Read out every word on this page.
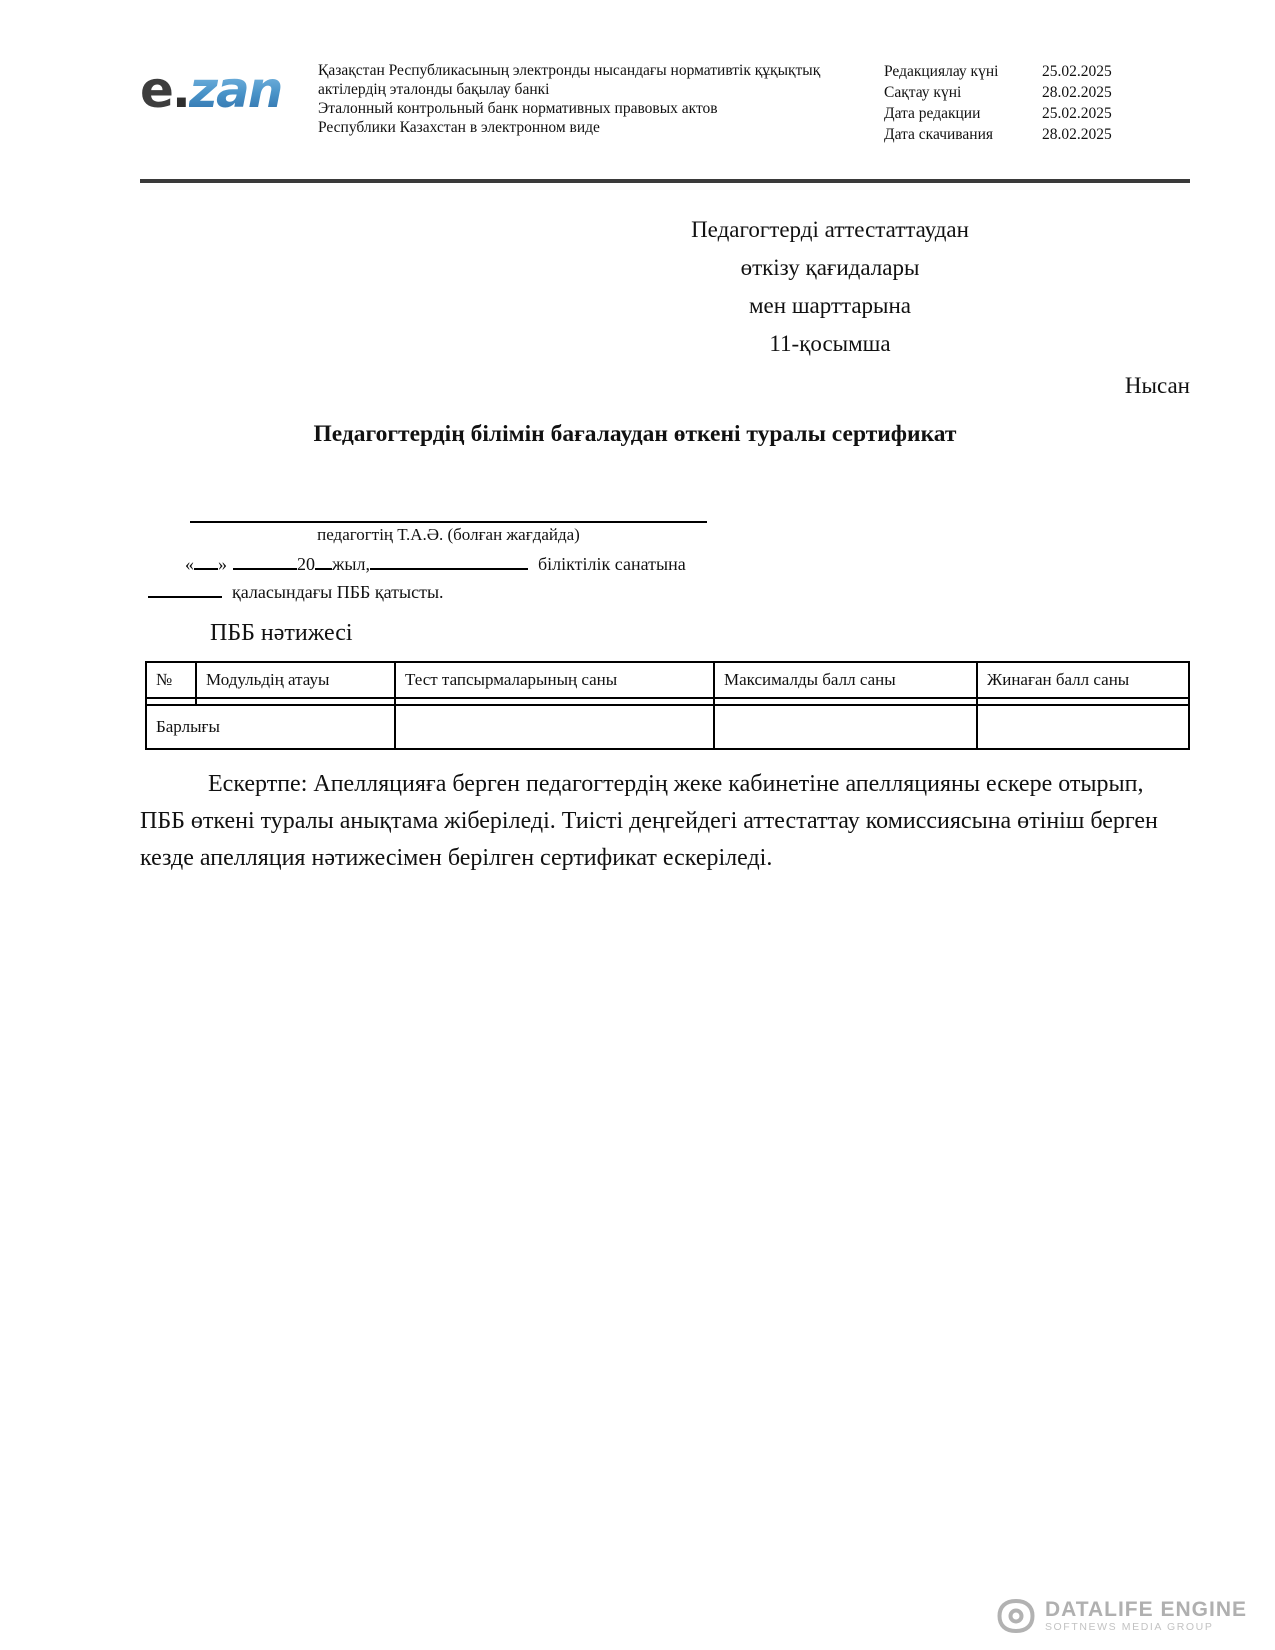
e.zan	Қазақстан Республикасының электронды нысандағы нормативтік құқықтық
актілердің эталонды бақылау банкі
Эталонный контрольный банк нормативных правовых актов
Республики Казахстан в электронном виде
Редакциялау күні	25.02.2025
Сақтау күні	28.02.2025
Дата редакции	25.02.2025
Дата скачивания	28.02.2025
Педагогтерді аттестаттаудан
өткізу қағидалары
мен шарттарына
11-қосымша
Нысан
Педагогтердің білімін бағалаудан өткені туралы сертификат
педагогтің Т.А.Ә. (болған жағдайда)
« »	20 жыл,	біліктілік санатына
қаласындағы ПББ қатысты.
ПББ нәтижесі
№	Модульдің атауы	Тест тапсырмаларының саны	Максималды балл саны	Жинаған балл саны

Барлығы				
Ескертпе: Апелляцияға берген педагогтердің жеке кабинетіне апелляцияны ескере отырып, ПББ өткені туралы анықтама жіберіледі. Тиісті деңгейдегі аттестаттау комиссиясына өтініш берген кезде апелляция нәтижесімен берілген сертификат ескеріледі.
DATALIFE ENGINE
SOFTNEWS MEDIA GROUP
